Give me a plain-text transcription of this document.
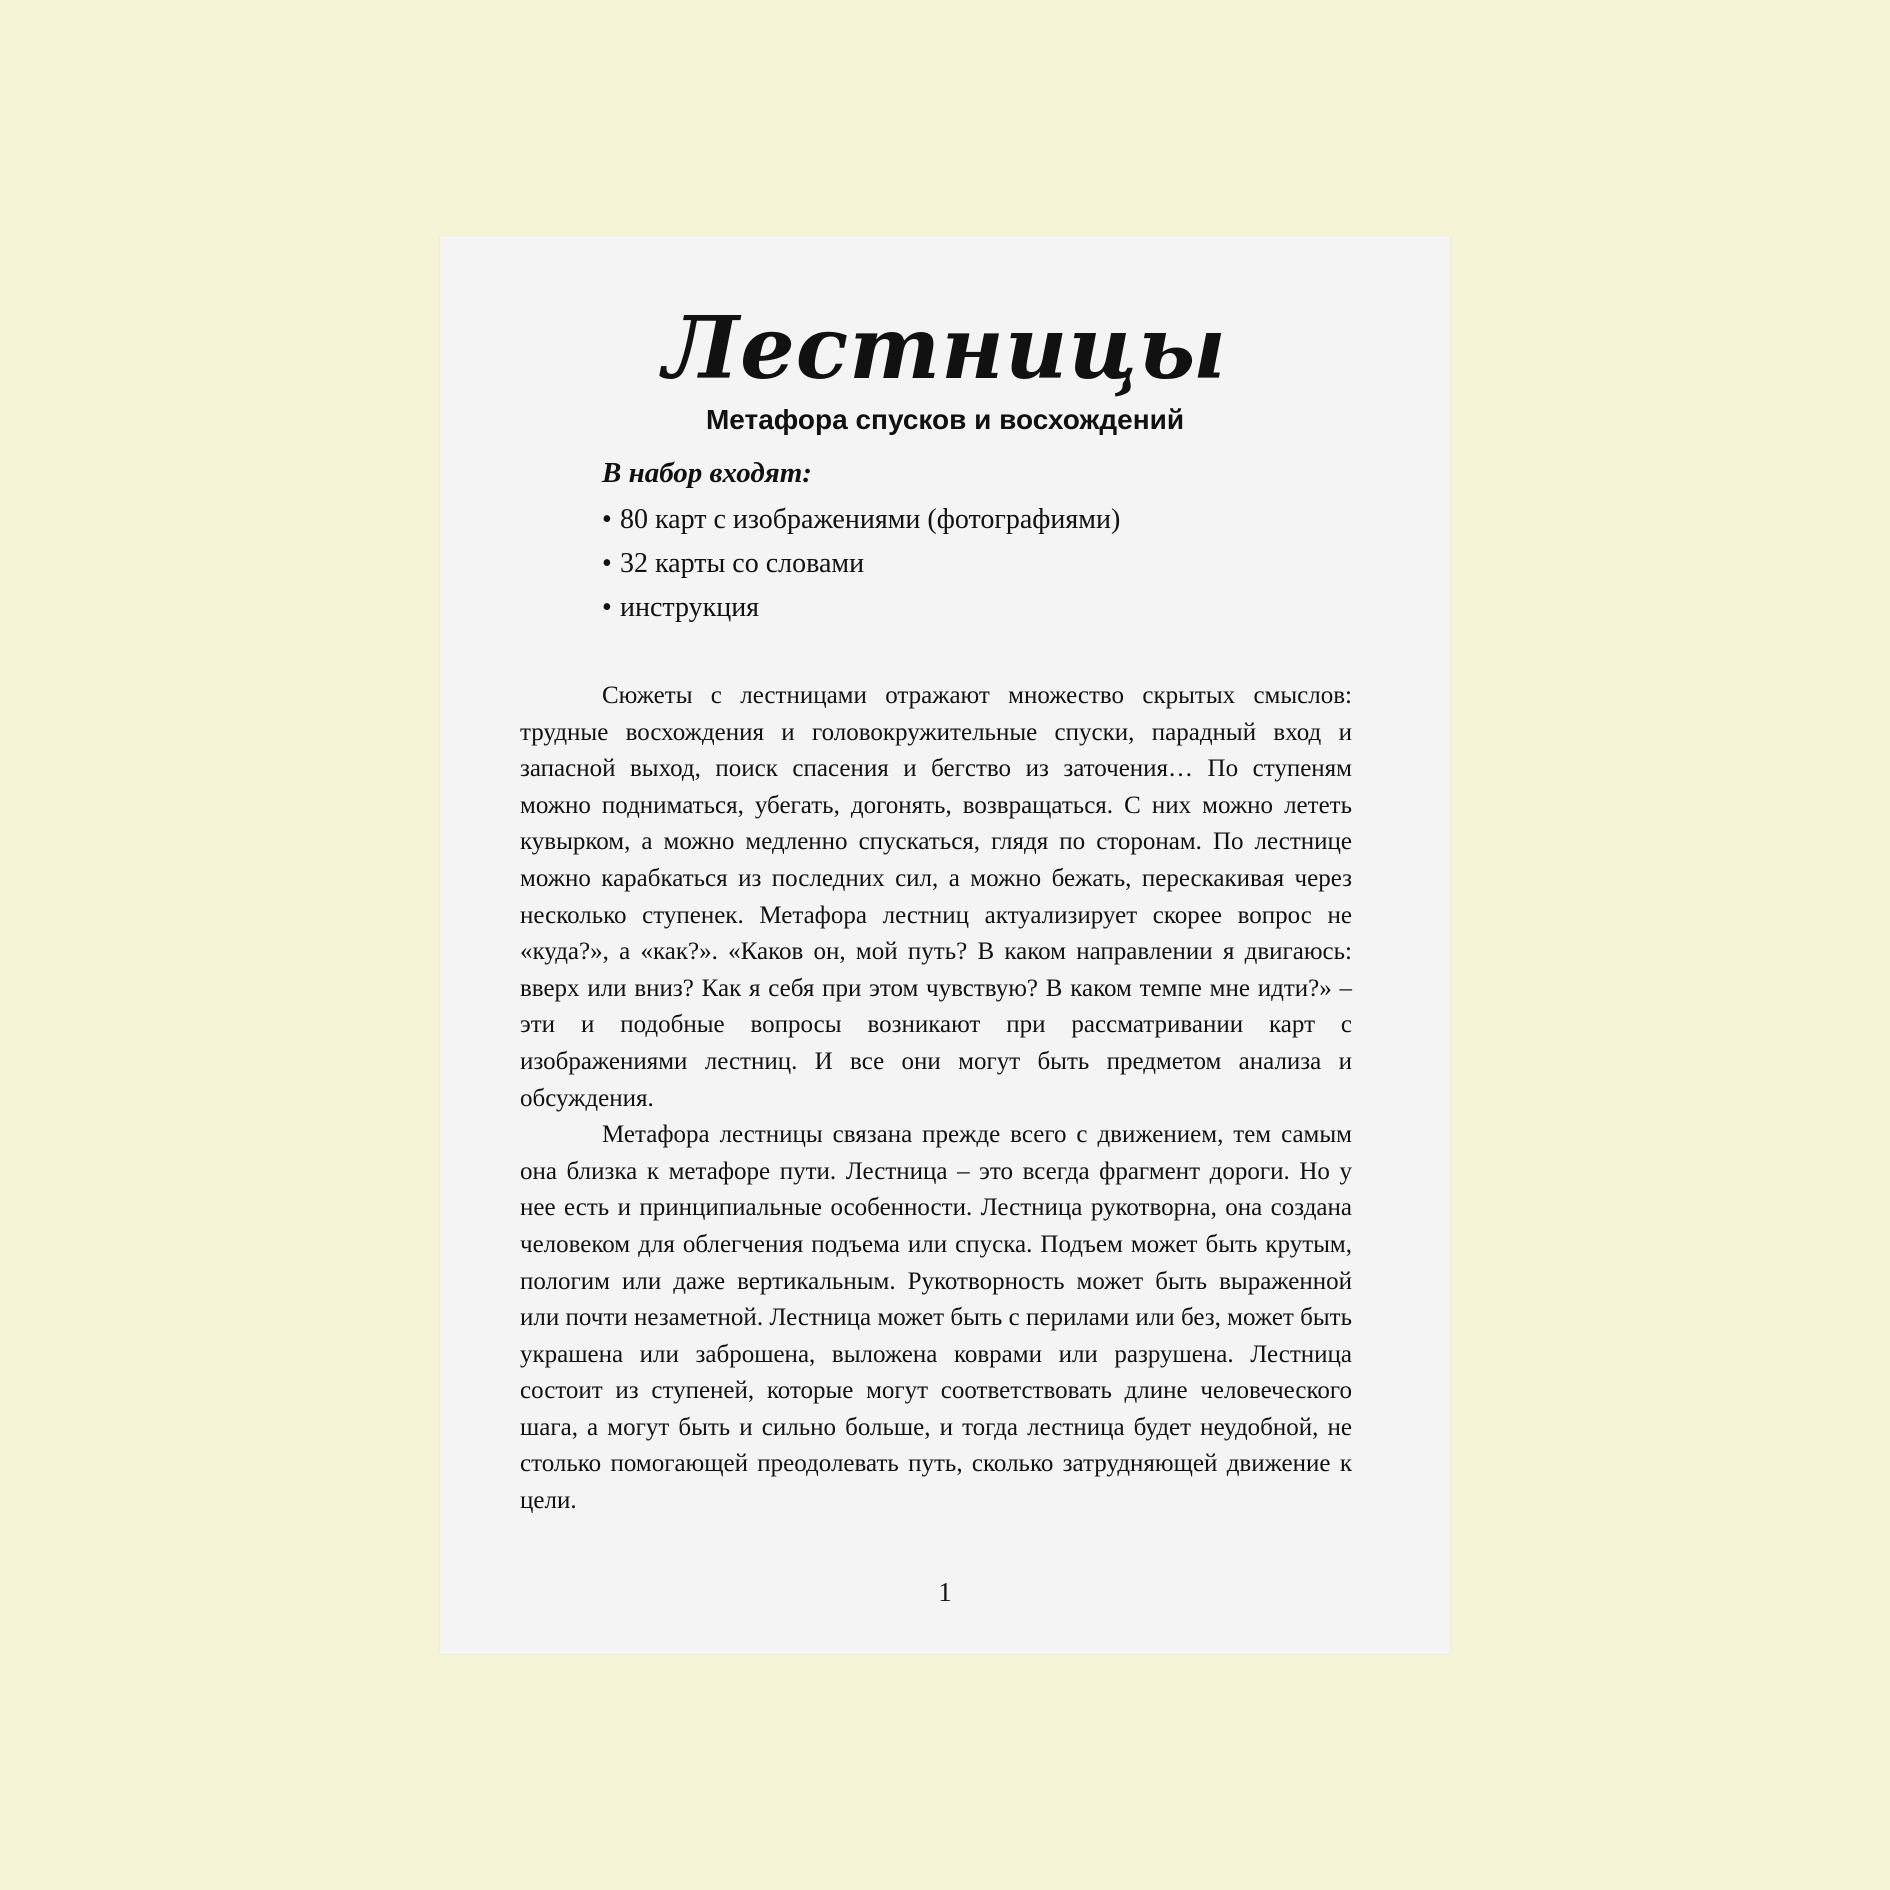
Лестницы
Метафора спусков и восхождений
В набор входят:
• 80 карт с изображениями (фотографиями)
• 32 карты со словами
• инструкция

Сюжеты с лестницами отражают множество скрытых смыслов: трудные восхождения и головокружительные спуски, парадный вход и запасной выход, поиск спасения и бегство из заточения… По ступеням можно подниматься, убегать, догонять, возвращаться. С них можно лететь кувырком, а можно медленно спускаться, глядя по сторонам. По лестнице можно карабкаться из последних сил, а можно бежать, перескакивая через несколько ступенек. Метафора лестниц актуализирует скорее вопрос не «куда?», а «как?». «Каков он, мой путь? В каком направлении я двигаюсь: вверх или вниз? Как я себя при этом чувствую? В каком темпе мне идти?» – эти и подобные вопросы возникают при рассматривании карт с изображениями лестниц. И все они могут быть предметом анализа и обсуждения.

Метафора лестницы связана прежде всего с движением, тем самым она близка к метафоре пути. Лестница – это всегда фрагмент дороги. Но у нее есть и принципиальные особенности. Лестница рукотворна, она создана человеком для облегчения подъема или спуска. Подъем может быть крутым, пологим или даже вертикальным. Рукотворность может быть выраженной или почти незаметной. Лестница может быть с перилами или без, может быть украшена или заброшена, выложена коврами или разрушена. Лестница состоит из ступеней, которые могут соответствовать длине человеческого шага, а могут быть и сильно больше, и тогда лестница будет неудобной, не столько помогающей преодолевать путь, сколько затрудняющей движение к цели.

1
